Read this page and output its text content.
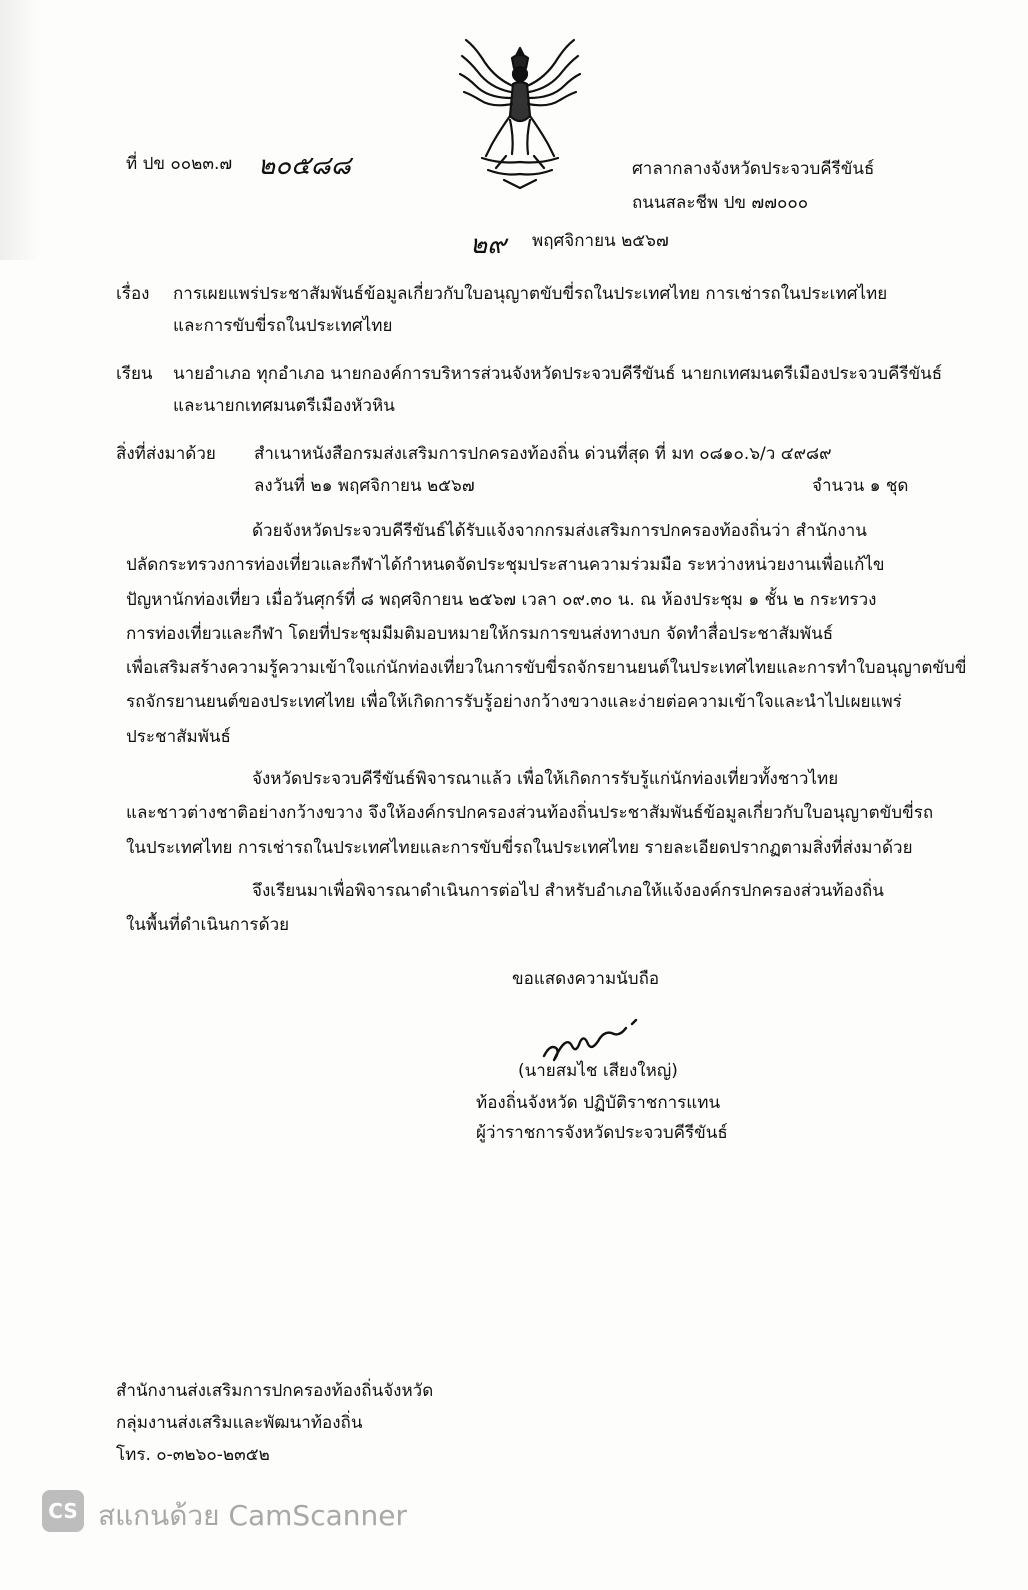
ที่ ปข ๐๐๒๓.๗ ๒๐๕๘๘	ศาลากลางจังหวัดประจวบคีรีขันธ์
ถนนสละชีพ ปข ๗๗๐๐๐
๒๙ พฤศจิกายน ๒๕๖๗
เรื่อง การเผยแพร่ประชาสัมพันธ์ข้อมูลเกี่ยวกับใบอนุญาตขับขี่รถในประเทศไทย การเช่ารถในประเทศไทย
และการขับขี่รถในประเทศไทย
เรียน นายอำเภอ ทุกอำเภอ นายกองค์การบริหารส่วนจังหวัดประจวบคีรีขันธ์ นายกเทศมนตรีเมืองประจวบคีรีขันธ์
และนายกเทศมนตรีเมืองหัวหิน
สิ่งที่ส่งมาด้วย สำเนาหนังสือกรมส่งเสริมการปกครองท้องถิ่น ด่วนที่สุด ที่ มท ๐๘๑๐.๖/ว ๔๙๘๙
ลงวันที่ ๒๑ พฤศจิกายน ๒๕๖๗	จำนวน ๑ ชุด
ด้วยจังหวัดประจวบคีรีขันธ์ได้รับแจ้งจากกรมส่งเสริมการปกครองท้องถิ่นว่า สำนักงาน
ปลัดกระทรวงการท่องเที่ยวและกีฬาได้กำหนดจัดประชุมประสานความร่วมมือ ระหว่างหน่วยงานเพื่อแก้ไข
ปัญหานักท่องเที่ยว เมื่อวันศุกร์ที่ ๘ พฤศจิกายน ๒๕๖๗ เวลา ๐๙.๓๐ น. ณ ห้องประชุม ๑ ชั้น ๒ กระทรวง
การท่องเที่ยวและกีฬา โดยที่ประชุมมีมติมอบหมายให้กรมการขนส่งทางบก จัดทำสื่อประชาสัมพันธ์
เพื่อเสริมสร้างความรู้ความเข้าใจแก่นักท่องเที่ยวในการขับขี่รถจักรยานยนต์ในประเทศไทยและการทำใบอนุญาตขับขี่
รถจักรยานยนต์ของประเทศไทย เพื่อให้เกิดการรับรู้อย่างกว้างขวางและง่ายต่อความเข้าใจและนำไปเผยแพร่
ประชาสัมพันธ์
จังหวัดประจวบคีรีขันธ์พิจารณาแล้ว เพื่อให้เกิดการรับรู้แก่นักท่องเที่ยวทั้งชาวไทย
และชาวต่างชาติอย่างกว้างขวาง จึงให้องค์กรปกครองส่วนท้องถิ่นประชาสัมพันธ์ข้อมูลเกี่ยวกับใบอนุญาตขับขี่รถ
ในประเทศไทย การเช่ารถในประเทศไทยและการขับขี่รถในประเทศไทย รายละเอียดปรากฏตามสิ่งที่ส่งมาด้วย
จึงเรียนมาเพื่อพิจารณาดำเนินการต่อไป สำหรับอำเภอให้แจ้งองค์กรปกครองส่วนท้องถิ่น
ในพื้นที่ดำเนินการด้วย
ขอแสดงความนับถือ
(นายสมไช เสียงใหญ่)
ท้องถิ่นจังหวัด ปฏิบัติราชการแทน
ผู้ว่าราชการจังหวัดประจวบคีรีขันธ์
สำนักงานส่งเสริมการปกครองท้องถิ่นจังหวัด
กลุ่มงานส่งเสริมและพัฒนาท้องถิ่น
โทร. ๐-๓๒๖๐-๒๓๕๒
CS สแกนด้วย CamScanner
